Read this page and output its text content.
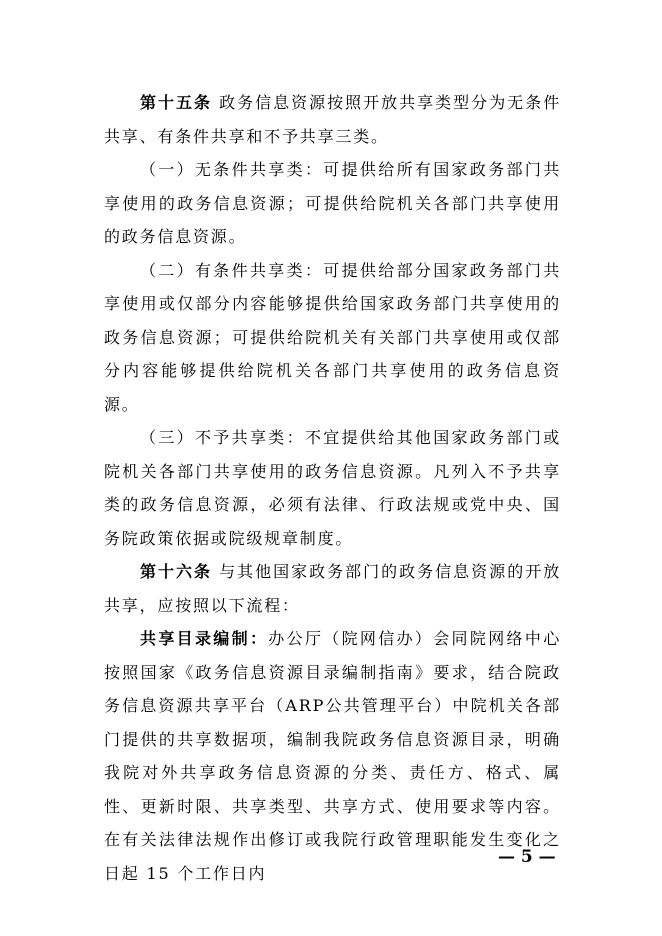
第十五条 政务信息资源按照开放共享类型分为无条件共享、有条件共享和不予共享三类。

（一）无条件共享类：可提供给所有国家政务部门共享使用的政务信息资源；可提供给院机关各部门共享使用的政务信息资源。

（二）有条件共享类：可提供给部分国家政务部门共享使用或仅部分内容能够提供给国家政务部门共享使用的政务信息资源；可提供给院机关有关部门共享使用或仅部分内容能够提供给院机关各部门共享使用的政务信息资源。

（三）不予共享类：不宜提供给其他国家政务部门或院机关各部门共享使用的政务信息资源。凡列入不予共享类的政务信息资源，必须有法律、行政法规或党中央、国务院政策依据或院级规章制度。

第十六条 与其他国家政务部门的政务信息资源的开放共享，应按照以下流程：

共享目录编制：办公厅（院网信办）会同院网络中心按照国家《政务信息资源目录编制指南》要求，结合院政务信息资源共享平台（ARP公共管理平台）中院机关各部门提供的共享数据项，编制我院政务信息资源目录，明确我院对外共享政务信息资源的分类、责任方、格式、属性、更新时限、共享类型、共享方式、使用要求等内容。在有关法律法规作出修订或我院行政管理职能发生变化之日起 15 个工作日内

— 5 —
